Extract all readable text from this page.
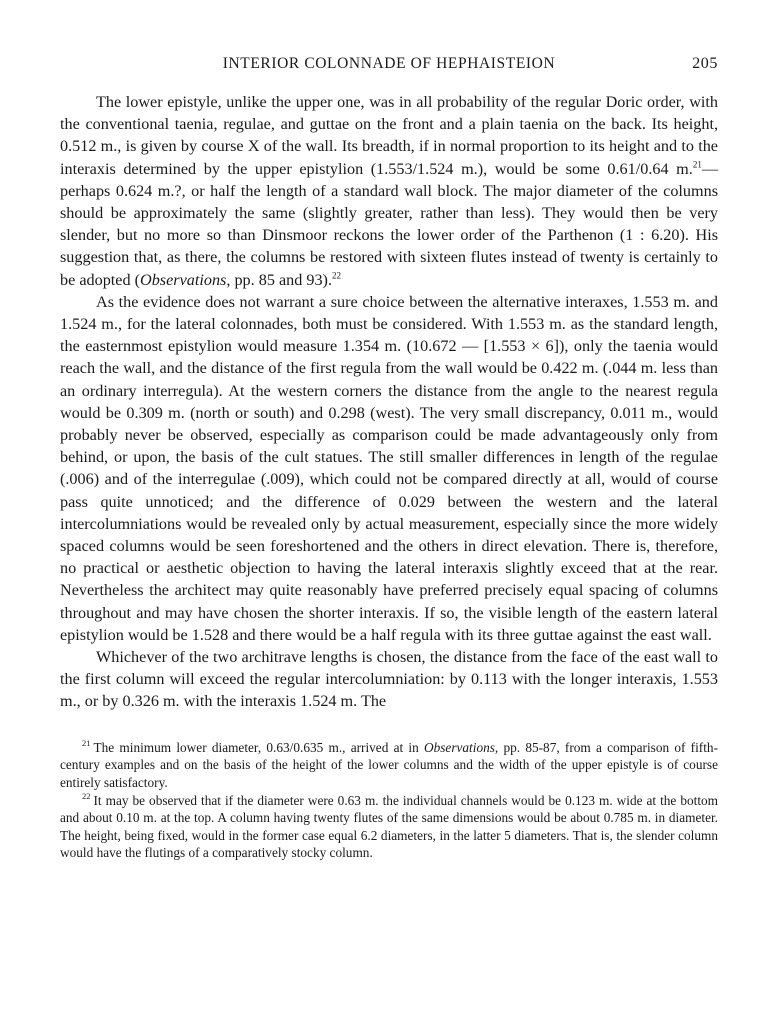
INTERIOR COLONNADE OF HEPHAISTEION	205

The lower epistyle, unlike the upper one, was in all probability of the regular Doric order, with the conventional taenia, regulae, and guttae on the front and a plain taenia on the back. Its height, 0.512 m., is given by course X of the wall. Its breadth, if in normal proportion to its height and to the interaxis determined by the upper epistylion (1.553/1.524 m.), would be some 0.61/0.64 m.$^{21}$—perhaps 0.624 m.?, or half the length of a standard wall block. The major diameter of the columns should be approximately the same (slightly greater, rather than less). They would then be very slender, but no more so than Dinsmoor reckons the lower order of the Parthenon (1 : 6.20). His suggestion that, as there, the columns be restored with sixteen flutes instead of twenty is certainly to be adopted (Observations, pp. 85 and 93).$^{22}$

As the evidence does not warrant a sure choice between the alternative interaxes, 1.553 m. and 1.524 m., for the lateral colonnades, both must be considered. With 1.553 m. as the standard length, the easternmost epistylion would measure 1.354 m. (10.672 — [1.553 × 6]), only the taenia would reach the wall, and the distance of the first regula from the wall would be 0.422 m. (.044 m. less than an ordinary interregula). At the western corners the distance from the angle to the nearest regula would be 0.309 m. (north or south) and 0.298 (west). The very small discrepancy, 0.011 m., would probably never be observed, especially as comparison could be made advantageously only from behind, or upon, the basis of the cult statues. The still smaller differences in length of the regulae (.006) and of the interregulae (.009), which could not be compared directly at all, would of course pass quite unnoticed; and the difference of 0.029 between the western and the lateral intercolumniations would be revealed only by actual measurement, especially since the more widely spaced columns would be seen foreshortened and the others in direct elevation. There is, therefore, no practical or aesthetic objection to having the lateral interaxis slightly exceed that at the rear. Nevertheless the architect may quite reasonably have preferred precisely equal spacing of columns throughout and may have chosen the shorter interaxis. If so, the visible length of the eastern lateral epistylion would be 1.528 and there would be a half regula with its three guttae against the east wall.

Whichever of the two architrave lengths is chosen, the distance from the face of the east wall to the first column will exceed the regular intercolumniation: by 0.113 with the longer interaxis, 1.553 m., or by 0.326 m. with the interaxis 1.524 m. The

$^{21}$ The minimum lower diameter, 0.63/0.635 m., arrived at in Observations, pp. 85-87, from a comparison of fifth-century examples and on the basis of the height of the lower columns and the width of the upper epistyle is of course entirely satisfactory.

$^{22}$ It may be observed that if the diameter were 0.63 m. the individual channels would be 0.123 m. wide at the bottom and about 0.10 m. at the top. A column having twenty flutes of the same dimensions would be about 0.785 m. in diameter. The height, being fixed, would in the former case equal 6.2 diameters, in the latter 5 diameters. That is, the slender column would have the flutings of a comparatively stocky column.
